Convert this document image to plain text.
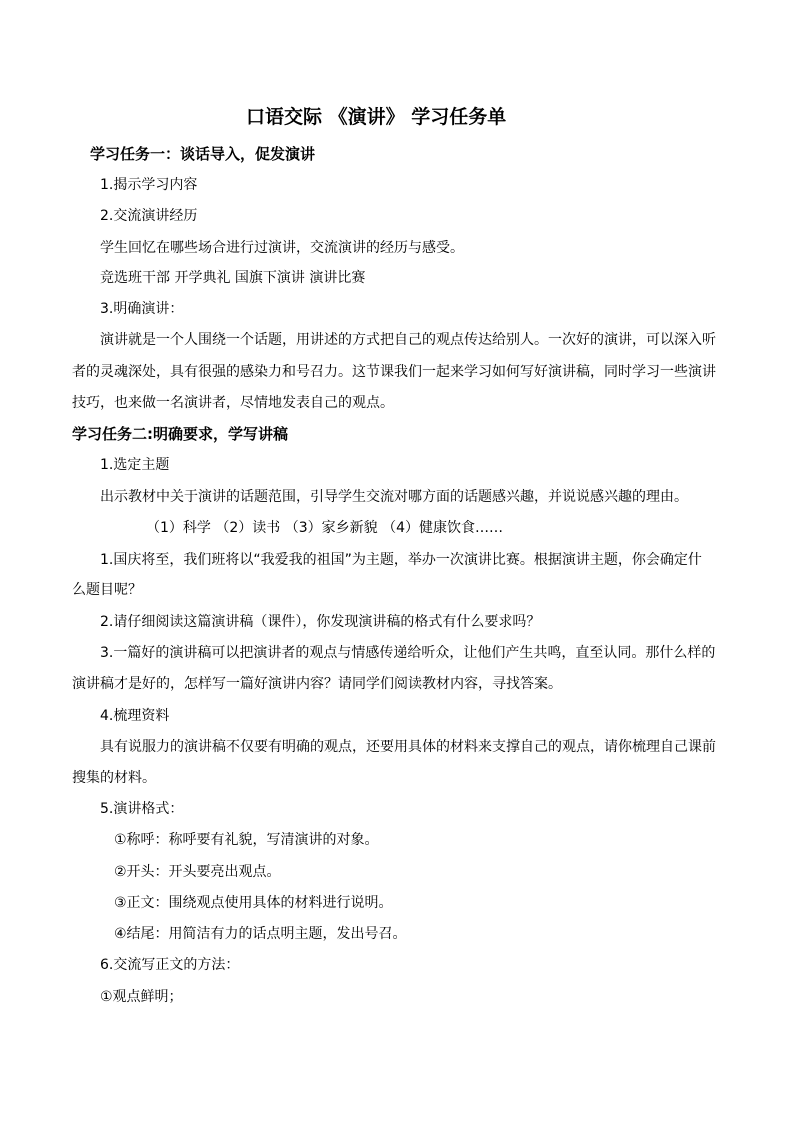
口语交际 《演讲》 学习任务单
学习任务一：谈话导入，促发演讲
1.揭示学习内容
2.交流演讲经历
学生回忆在哪些场合进行过演讲，交流演讲的经历与感受。
竞选班干部 开学典礼 国旗下演讲 演讲比赛
3.明确演讲：
演讲就是一个人围绕一个话题，用讲述的方式把自己的观点传达给别人。一次好的演讲，可以深入听
者的灵魂深处，具有很强的感染力和号召力。这节课我们一起来学习如何写好演讲稿，同时学习一些演讲
技巧，也来做一名演讲者，尽情地发表自己的观点。
学习任务二:明确要求，学写讲稿
1.选定主题
出示教材中关于演讲的话题范围，引导学生交流对哪方面的话题感兴趣，并说说感兴趣的理由。
（1）科学 （2）读书 （3）家乡新貌 （4）健康饮食……
1.国庆将至，我们班将以“我爱我的祖国”为主题，举办一次演讲比赛。根据演讲主题，你会确定什
么题目呢？
2.请仔细阅读这篇演讲稿（课件），你发现演讲稿的格式有什么要求吗？
3.一篇好的演讲稿可以把演讲者的观点与情感传递给听众，让他们产生共鸣，直至认同。那什么样的
演讲稿才是好的，怎样写一篇好演讲内容？请同学们阅读教材内容，寻找答案。
4.梳理资料
具有说服力的演讲稿不仅要有明确的观点，还要用具体的材料来支撑自己的观点，请你梳理自己课前
搜集的材料。
5.演讲格式：
①称呼：称呼要有礼貌，写清演讲的对象。
②开头：开头要亮出观点。
③正文：围绕观点使用具体的材料进行说明。
④结尾：用简洁有力的话点明主题，发出号召。
6.交流写正文的方法：
①观点鲜明；
